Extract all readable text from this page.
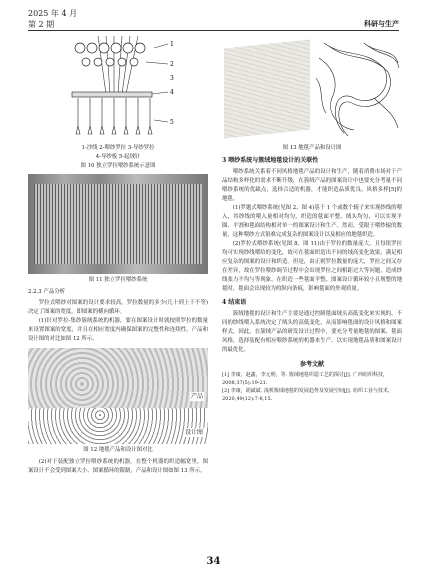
2025 年 4 月
第 2 期	科研与生产
1
2
3
4
5
1-沙线 2-喂纱罗拉 3-导纱罗拉
4-导纱板 5-起绒针
图 10 独立罗拉喂纱系统示意图
图 11 独立罗拉喂纱系统
2.2.3 产品分析

罗拉式喂纱对图案的设计要求较高，罗拉数量的多少(几十到上千不等)决定了图案的宽度，即图案的横向循环。

(1)针对罗拉-集纱簇绒系统的机器，要在图案设计时就按照罗拉的数量来设置图案的宽度，并且在相应宽度内确保图案的完整性和连续性，产品和设计图的对比如图 12 所示。

产品
设计图
图 12 地毯产品和设计图对比

(2)对于装配独立罗拉喂纱系统的机器，在整个机器的织造幅宽里，图案设计不会受到图案大小、图案循环的限制，产品和设计图如图 13 所示。

图 13 地毯产品和设计图
3 喂纱系统与簇绒地毯设计的关联性

喂纱系统关系着不同风格地毯产品的设计和生产，随着消费市场对于产品结构多样化的需求不断升级，在簇绒产品的图案设计中也要充分考量不同喂纱系统的优缺点，选择合适的机器，才能织造品质优良、风格多样[5]的地毯。

(1)罗题式喂纱系统(见图 2、图 4)基于 1 个或数个辊子来实现纱线的喂入，其纱线的喂入量相对均匀，织造的毯面平整、绒头均匀，可以实现平圈、平割和毯面结构相对单一的图案设计和生产。然而，受限于喂纱辊的数量，这种喂纱方式很难完成复杂的图案设计以及相应的地毯织造。

(2)罗拉式喂纱系统(见图 8、图 11)由于罗拉的数量庞大，且每组罗拉均可实现纱线喂给的变化，故可在毯面织造出不同的绒高变化效果，满足相应复杂的图案的设计和织造。但是，由正则罗拉数量的庞大，罗拉之间又存在差异，故在罗拉喂纱调节过程中会出现罗拉之间相距过大等问题，造成纱线张力不均与等现象，在织造一些毯面平整、图案设计循环较小且规整的地毯时，毯面会出现较为的纵向条痕，影响毯面的外观质量。

4 结束语

簇绒地毯的设计和生产主要是通过控制毯面绒头高低变化来实现的，不同的纱线喂入系统决定了绒头的高低变化，从而影响毯面的设计风格和图案样式。因此，在簇绒产品的研发设计过程中，要充分考量地毯的图案、毯面风格，选择装配有相应喂纱系统的机器来生产，以实现地毯品质和图案设计的最优化。

参考文献

[1] 李康，赵鑫，李元明，等. 簇绒地毯织造工艺的探讨[J]. 广西纺织科技，2008,37(5):19-21.

[2] 李康，胡斌斌. 浅析簇绒地毯的发展趋势及发展空间[J]. 纺织工业与技术，2020,49(12):7-8,15.

34
